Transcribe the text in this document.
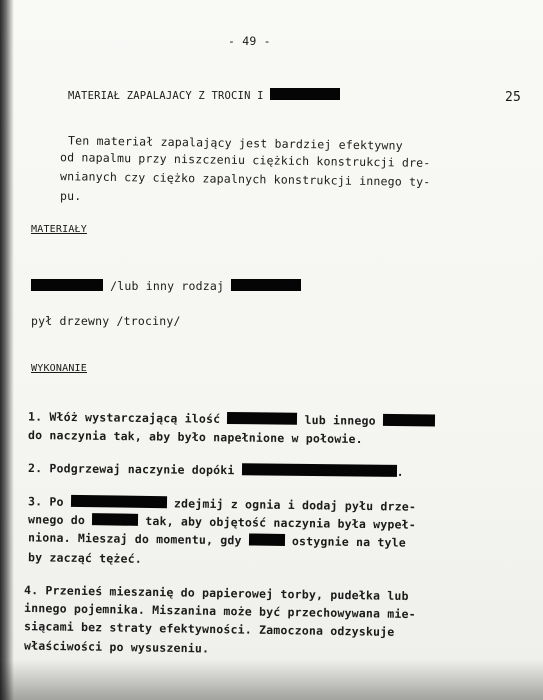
- 49 -
MATERIAŁ ZAPALAJACY Z TROCIN I	25
Ten materiał zapalający jest bardziej efektywny
od napalmu przy niszczeniu ciężkich konstrukcji dre-
wnianych czy ciężko zapalnych konstrukcji innego ty-
pu.
MATERIAŁY
/lub inny rodzaj
pył drzewny /trociny/
WYKONANIE
1. Włóż wystarczającą ilość	lub innego
do naczynia tak, aby było napełnione w połowie.
2. Podgrzewaj naczynie dopóki	.
3. Po	zdejmij z ognia i dodaj pyłu drze-
wnego do	tak, aby objętość naczynia była wypeł-
niona. Mieszaj do momentu, gdy	ostygnie na tyle
by zacząć tężeć.
4. Przenieś mieszanię do papierowej torby, pudełka lub
innego pojemnika. Miszanina może być przechowywana mie-
siącami bez straty efektywności. Zamoczona odzyskuje
właściwości po wysuszeniu.
